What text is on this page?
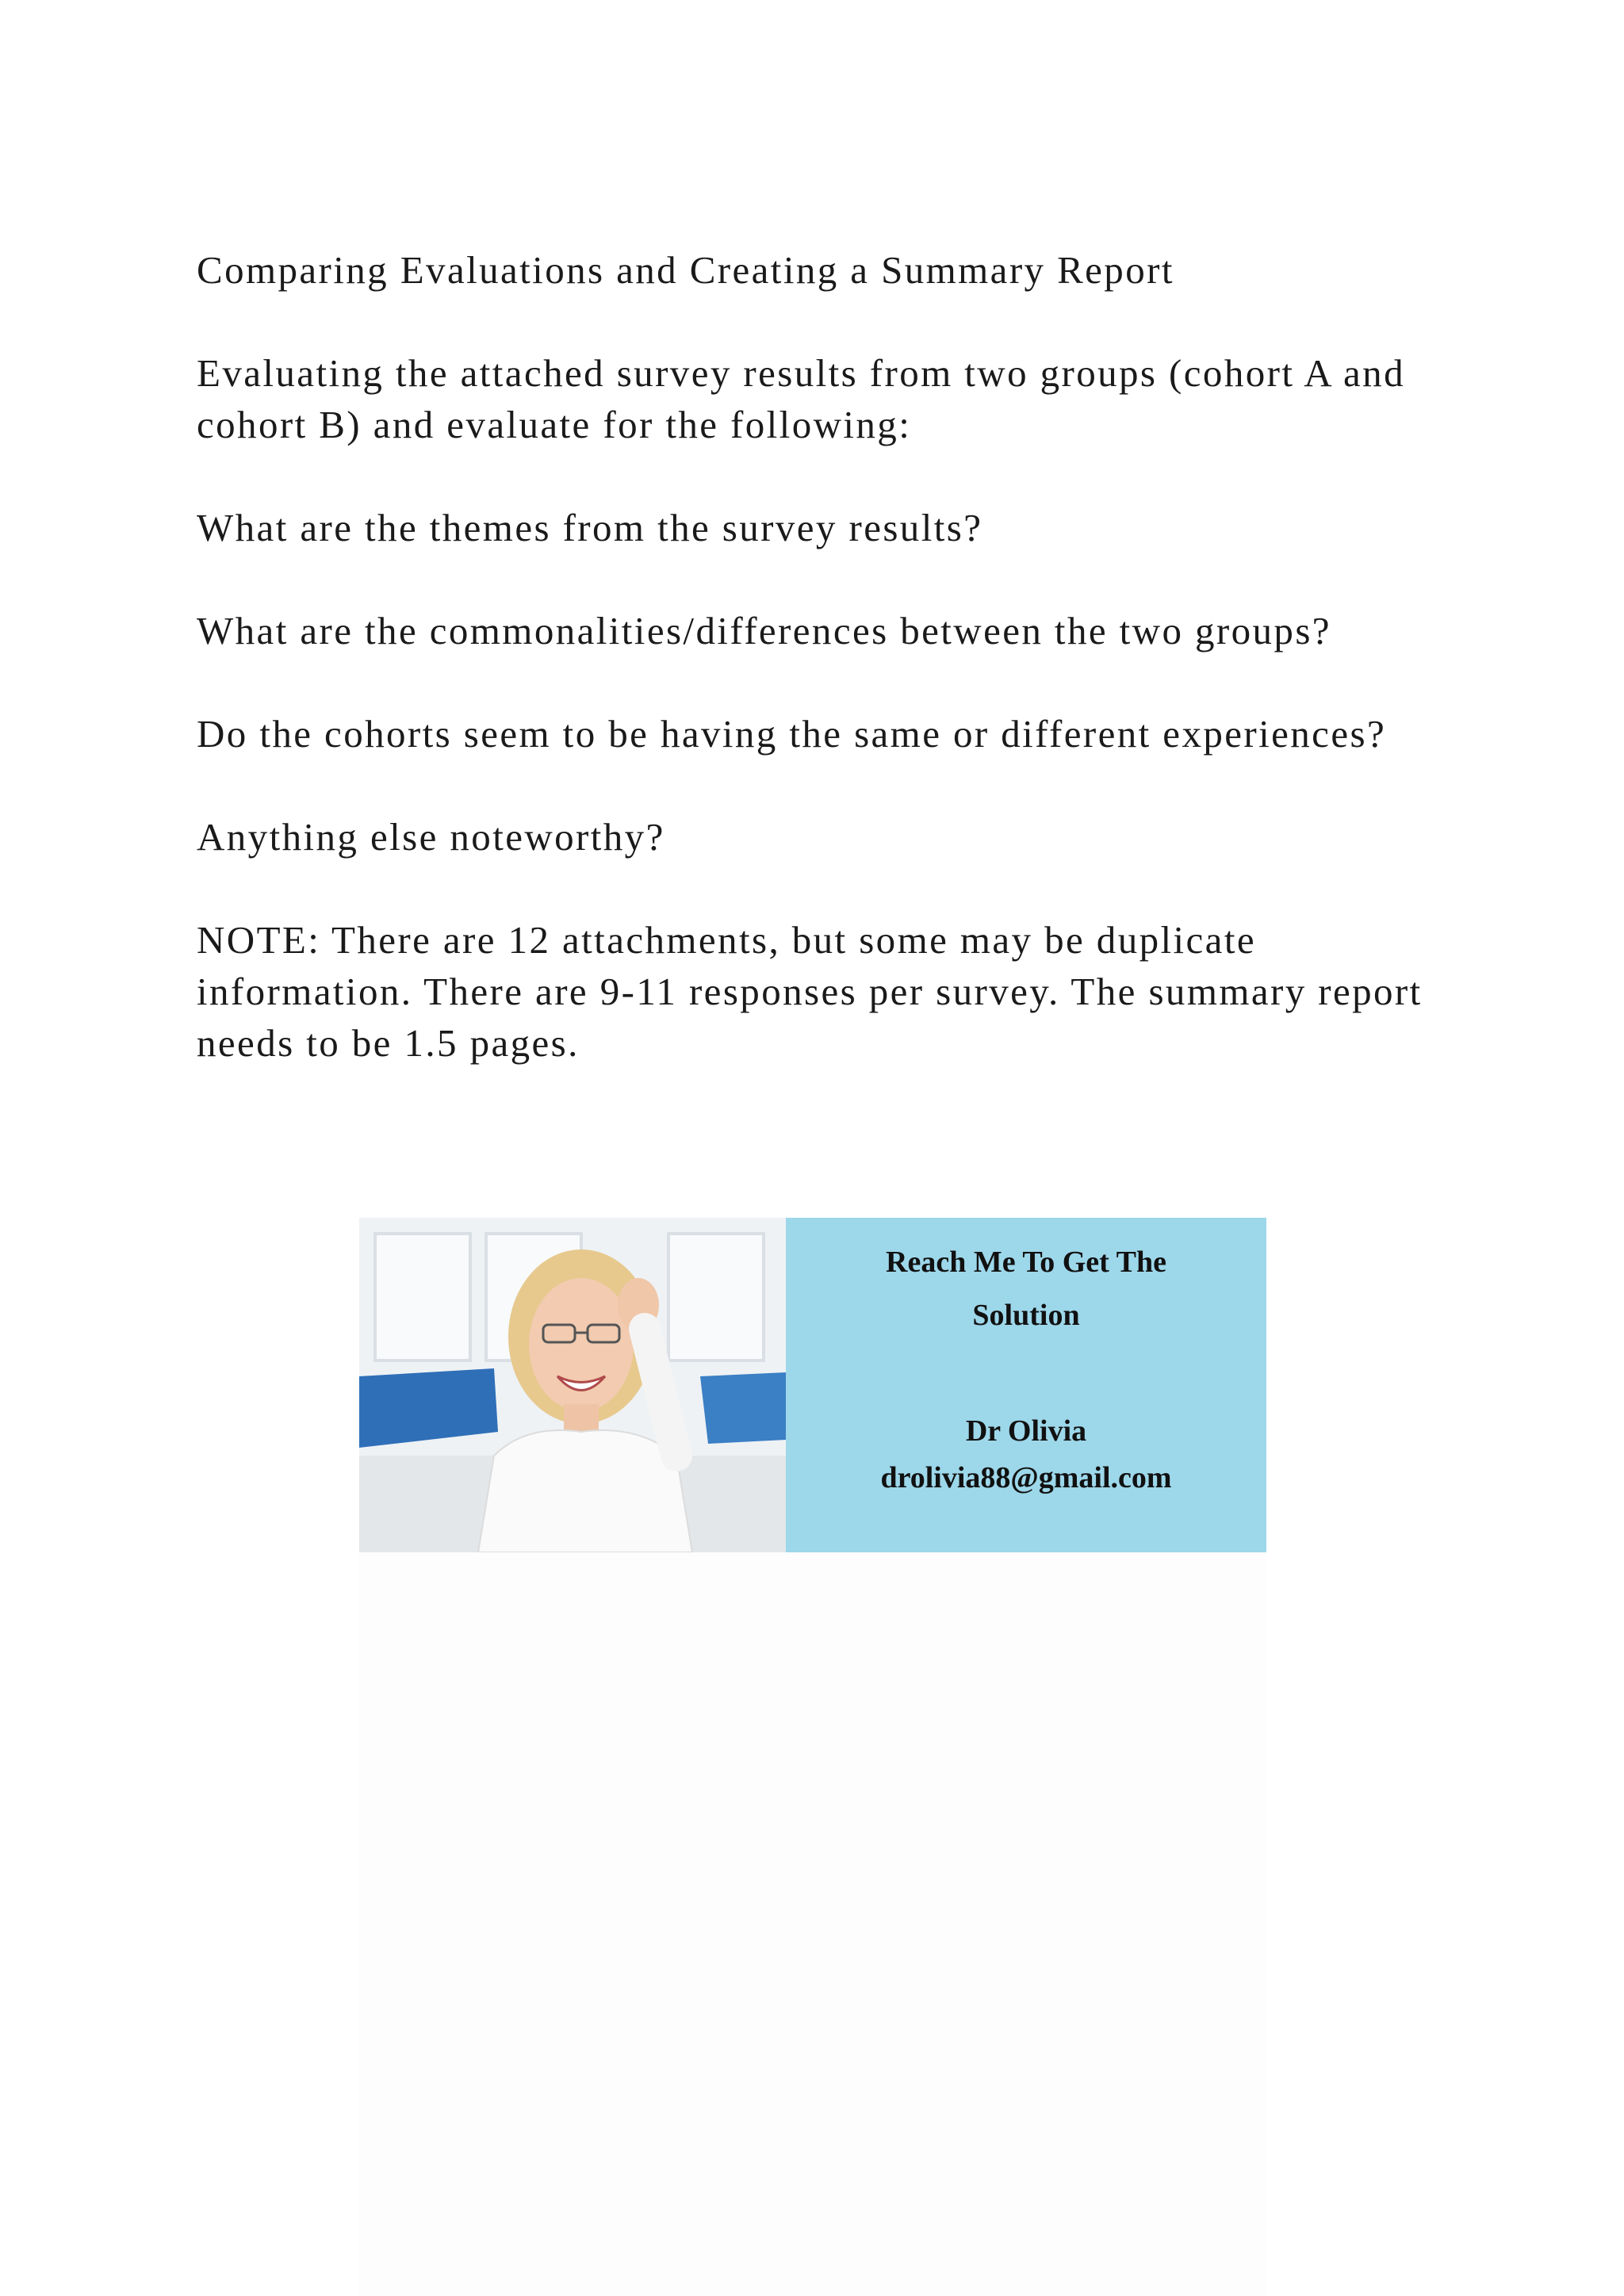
Comparing Evaluations and Creating a Summary Report

Evaluating the attached survey results from two groups (cohort A and cohort B) and evaluate for the following:

What are the themes from the survey results?

What are the commonalities/differences between the two groups?

Do the cohorts seem to be having the same or different experiences?

Anything else noteworthy?

NOTE: There are 12 attachments, but some may be duplicate information. There are 9-11 responses per survey. The summary report needs to be 1.5 pages.

Reach Me To Get The
Solution
Dr Olivia
drolivia88@gmail.com
